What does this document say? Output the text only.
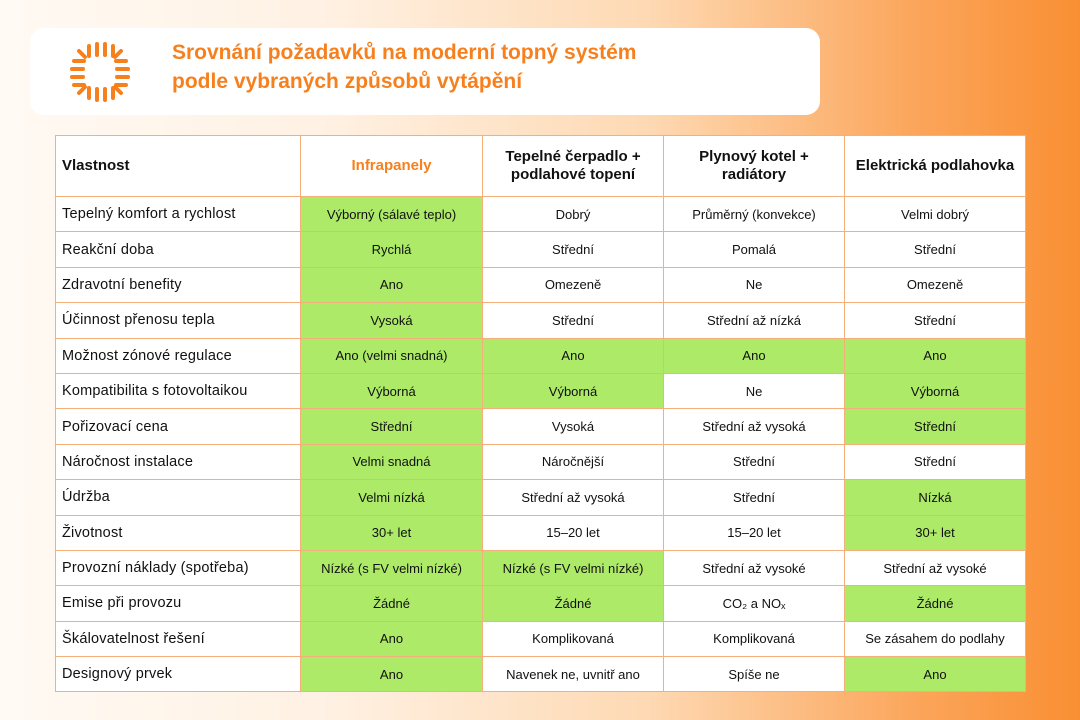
Srovnání požadavků na moderní topný systém
podle vybraných způsobů vytápění
Vlastnost	Infrapanely	Tepelné čerpadlo + podlahové topení	Plynový kotel + radiátory	Elektrická podlahovka
Tepelný komfort a rychlost	Výborný (sálavé teplo)	Dobrý	Průměrný (konvekce)	Velmi dobrý
Reakční doba	Rychlá	Střední	Pomalá	Střední
Zdravotní benefity	Ano	Omezeně	Ne	Omezeně
Účinnost přenosu tepla	Vysoká	Střední	Střední až nízká	Střední
Možnost zónové regulace	Ano (velmi snadná)	Ano	Ano	Ano
Kompatibilita s fotovoltaikou	Výborná	Výborná	Ne	Výborná
Pořizovací cena	Střední	Vysoká	Střední až vysoká	Střední
Náročnost instalace	Velmi snadná	Náročnější	Střední	Střední
Údržba	Velmi nízká	Střední až vysoká	Střední	Nízká
Životnost	30+ let	15–20 let	15–20 let	30+ let
Provozní náklady (spotřeba)	Nízké (s FV velmi nízké)	Nízké (s FV velmi nízké)	Střední až vysoké	Střední až vysoké
Emise při provozu	Žádné	Žádné	CO₂ a NOₓ	Žádné
Škálovatelnost řešení	Ano	Komplikovaná	Komplikovaná	Se zásahem do podlahy
Designový prvek	Ano	Navenek ne, uvnitř ano	Spíše ne	Ano
